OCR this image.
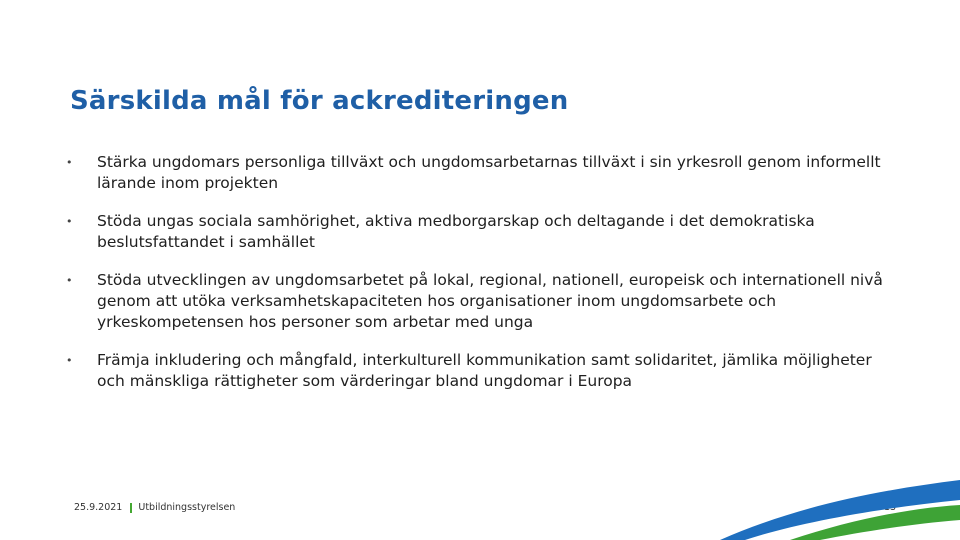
Särskilda mål för ackrediteringen
• Stärka ungdomars personliga tillväxt och ungdomsarbetarnas tillväxt i sin yrkesroll genom informellt lärande inom projekten
• Stöda ungas sociala samhörighet, aktiva medborgarskap och deltagande i det demokratiska beslutsfattandet i samhället
• Stöda utvecklingen av ungdomsarbetet på lokal, regional, nationell, europeisk och internationell nivå genom att utöka verksamhetskapaciteten hos organisationer inom ungdomsarbete och yrkeskompetensen hos personer som arbetar med unga
• Främja inkludering och mångfald, interkulturell kommunikation samt solidaritet, jämlika möjligheter och mänskliga rättigheter som värderingar bland ungdomar i Europa
25.9.2021 Utbildningsstyrelsen
